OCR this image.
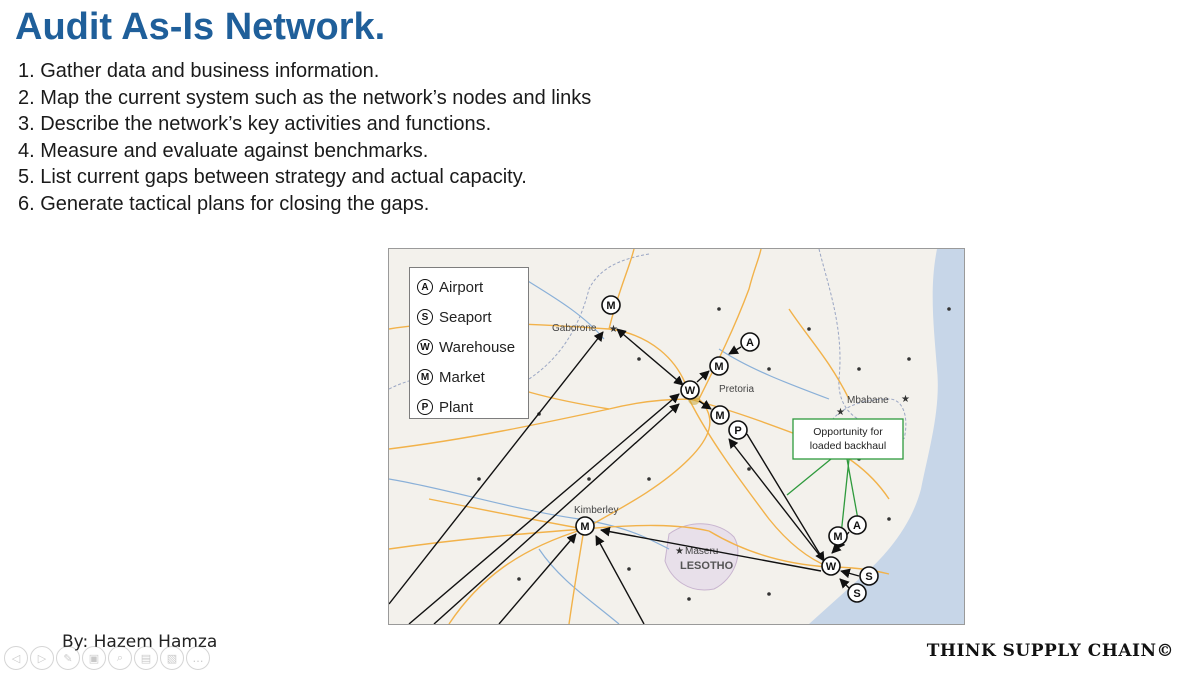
Audit As-Is Network.
1. Gather data and business information.
2. Map the current system such as the network’s nodes and links
3. Describe the network’s key activities and functions.
4. Measure and evaluate against benchmarks.
5. List current gaps between strategy and actual capacity.
6. Generate tactical plans for closing the gaps.
Gaborone
Pretoria
Mbabane
Kimberley
Maseru
LESOTHO
★
★
★
★
Opportunity for
loaded backhaul
M
A
M
W
M
P
M
M
A
W
S
S
A Airport
S Seaport
W Warehouse
M Market
P Plant
By: Hazem Hamza	THINK SUPPLY CHAIN©
◁	▷	✎	▣	⌕	▤	▧	…
